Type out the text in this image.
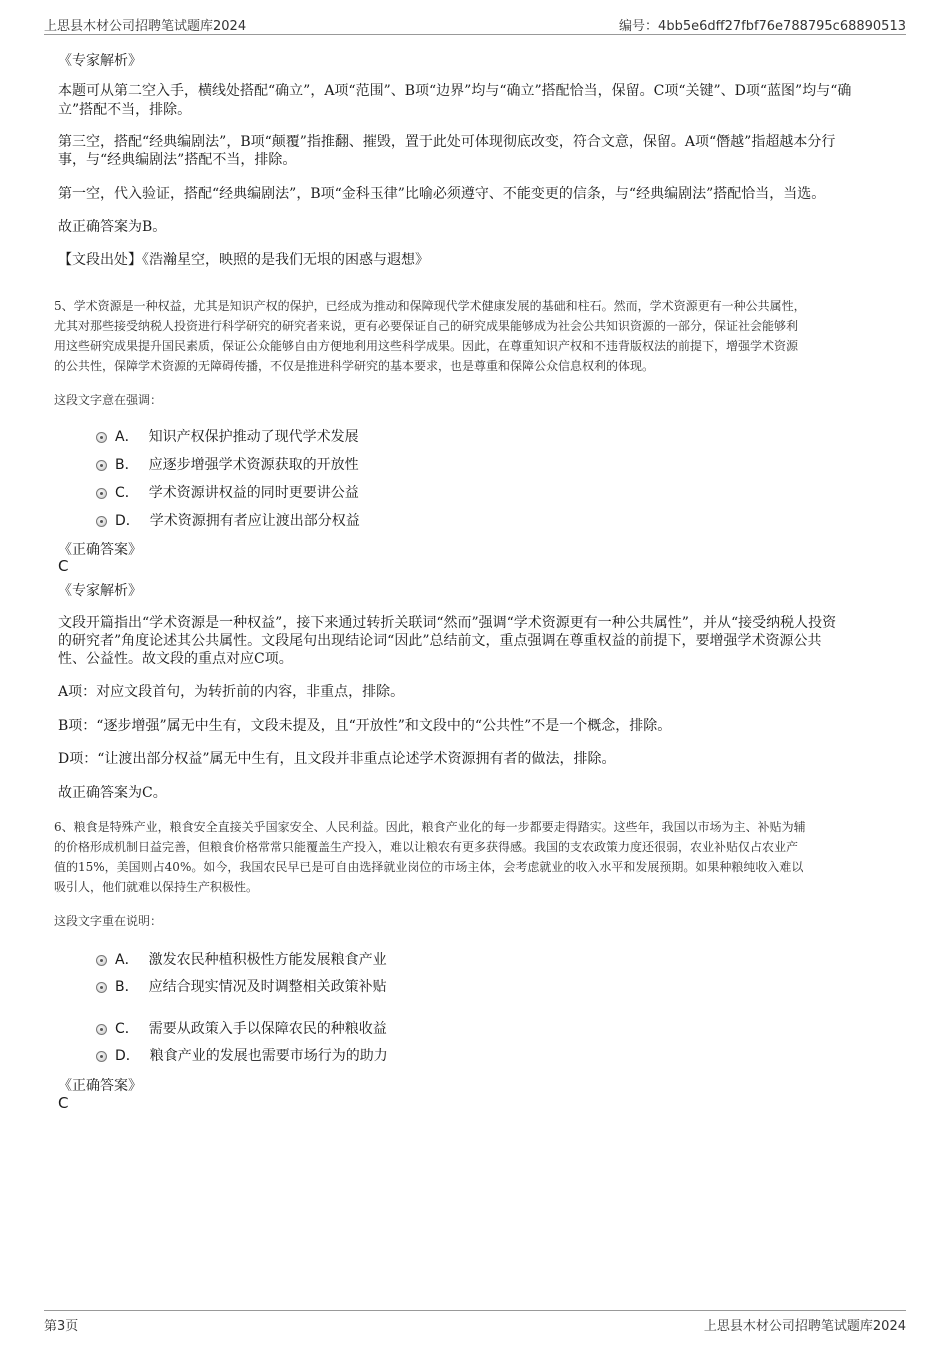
上思县木材公司招聘笔试题库2024	编号：4bb5e6dff27fbf76e788795c68890513
《专家解析》
本题可从第二空入手，横线处搭配“确立”，A项“范围”、B项“边界”均与“确立”搭配恰当，保留。C项“关键”、D项“蓝图”均与“确
立”搭配不当，排除。
第三空，搭配“经典编剧法”，B项“颠覆”指推翻、摧毁，置于此处可体现彻底改变，符合文意，保留。A项“僭越”指超越本分行
事，与“经典编剧法”搭配不当，排除。
第一空，代入验证，搭配“经典编剧法”，B项“金科玉律”比喻必须遵守、不能变更的信条，与“经典编剧法”搭配恰当，当选。
故正确答案为B。
【文段出处】《浩瀚星空，映照的是我们无垠的困惑与遐想》
5、学术资源是一种权益，尤其是知识产权的保护，已经成为推动和保障现代学术健康发展的基础和柱石。然而，学术资源更有一种公共属性，
尤其对那些接受纳税人投资进行科学研究的研究者来说，更有必要保证自己的研究成果能够成为社会公共知识资源的一部分，保证社会能够利
用这些研究成果提升国民素质，保证公众能够自由方便地利用这些科学成果。因此，在尊重知识产权和不违背版权法的前提下，增强学术资源
的公共性，保障学术资源的无障碍传播，不仅是推进科学研究的基本要求，也是尊重和保障公众信息权利的体现。
这段文字意在强调：
A． 知识产权保护推动了现代学术发展
B． 应逐步增强学术资源获取的开放性
C． 学术资源讲权益的同时更要讲公益
D． 学术资源拥有者应让渡出部分权益
《正确答案》
C
《专家解析》
文段开篇指出“学术资源是一种权益”，接下来通过转折关联词“然而”强调“学术资源更有一种公共属性”，并从“接受纳税人投资
的研究者”角度论述其公共属性。文段尾句出现结论词“因此”总结前文，重点强调在尊重权益的前提下，要增强学术资源公共
性、公益性。故文段的重点对应C项。
A项：对应文段首句，为转折前的内容，非重点，排除。
B项：“逐步增强”属无中生有，文段未提及，且“开放性”和文段中的“公共性”不是一个概念，排除。
D项：“让渡出部分权益”属无中生有，且文段并非重点论述学术资源拥有者的做法，排除。
故正确答案为C。
6、粮食是特殊产业，粮食安全直接关乎国家安全、人民利益。因此，粮食产业化的每一步都要走得踏实。这些年，我国以市场为主、补贴为辅
的价格形成机制日益完善，但粮食价格常常只能覆盖生产投入，难以让粮农有更多获得感。我国的支农政策力度还很弱，农业补贴仅占农业产
值的15%，美国则占40%。如今，我国农民早已是可自由选择就业岗位的市场主体，会考虑就业的收入水平和发展预期。如果种粮纯收入难以
吸引人，他们就难以保持生产积极性。
这段文字重在说明：
A． 激发农民种植积极性方能发展粮食产业
B． 应结合现实情况及时调整相关政策补贴
C． 需要从政策入手以保障农民的种粮收益
D． 粮食产业的发展也需要市场行为的助力
《正确答案》
C
第3页	上思县木材公司招聘笔试题库2024
